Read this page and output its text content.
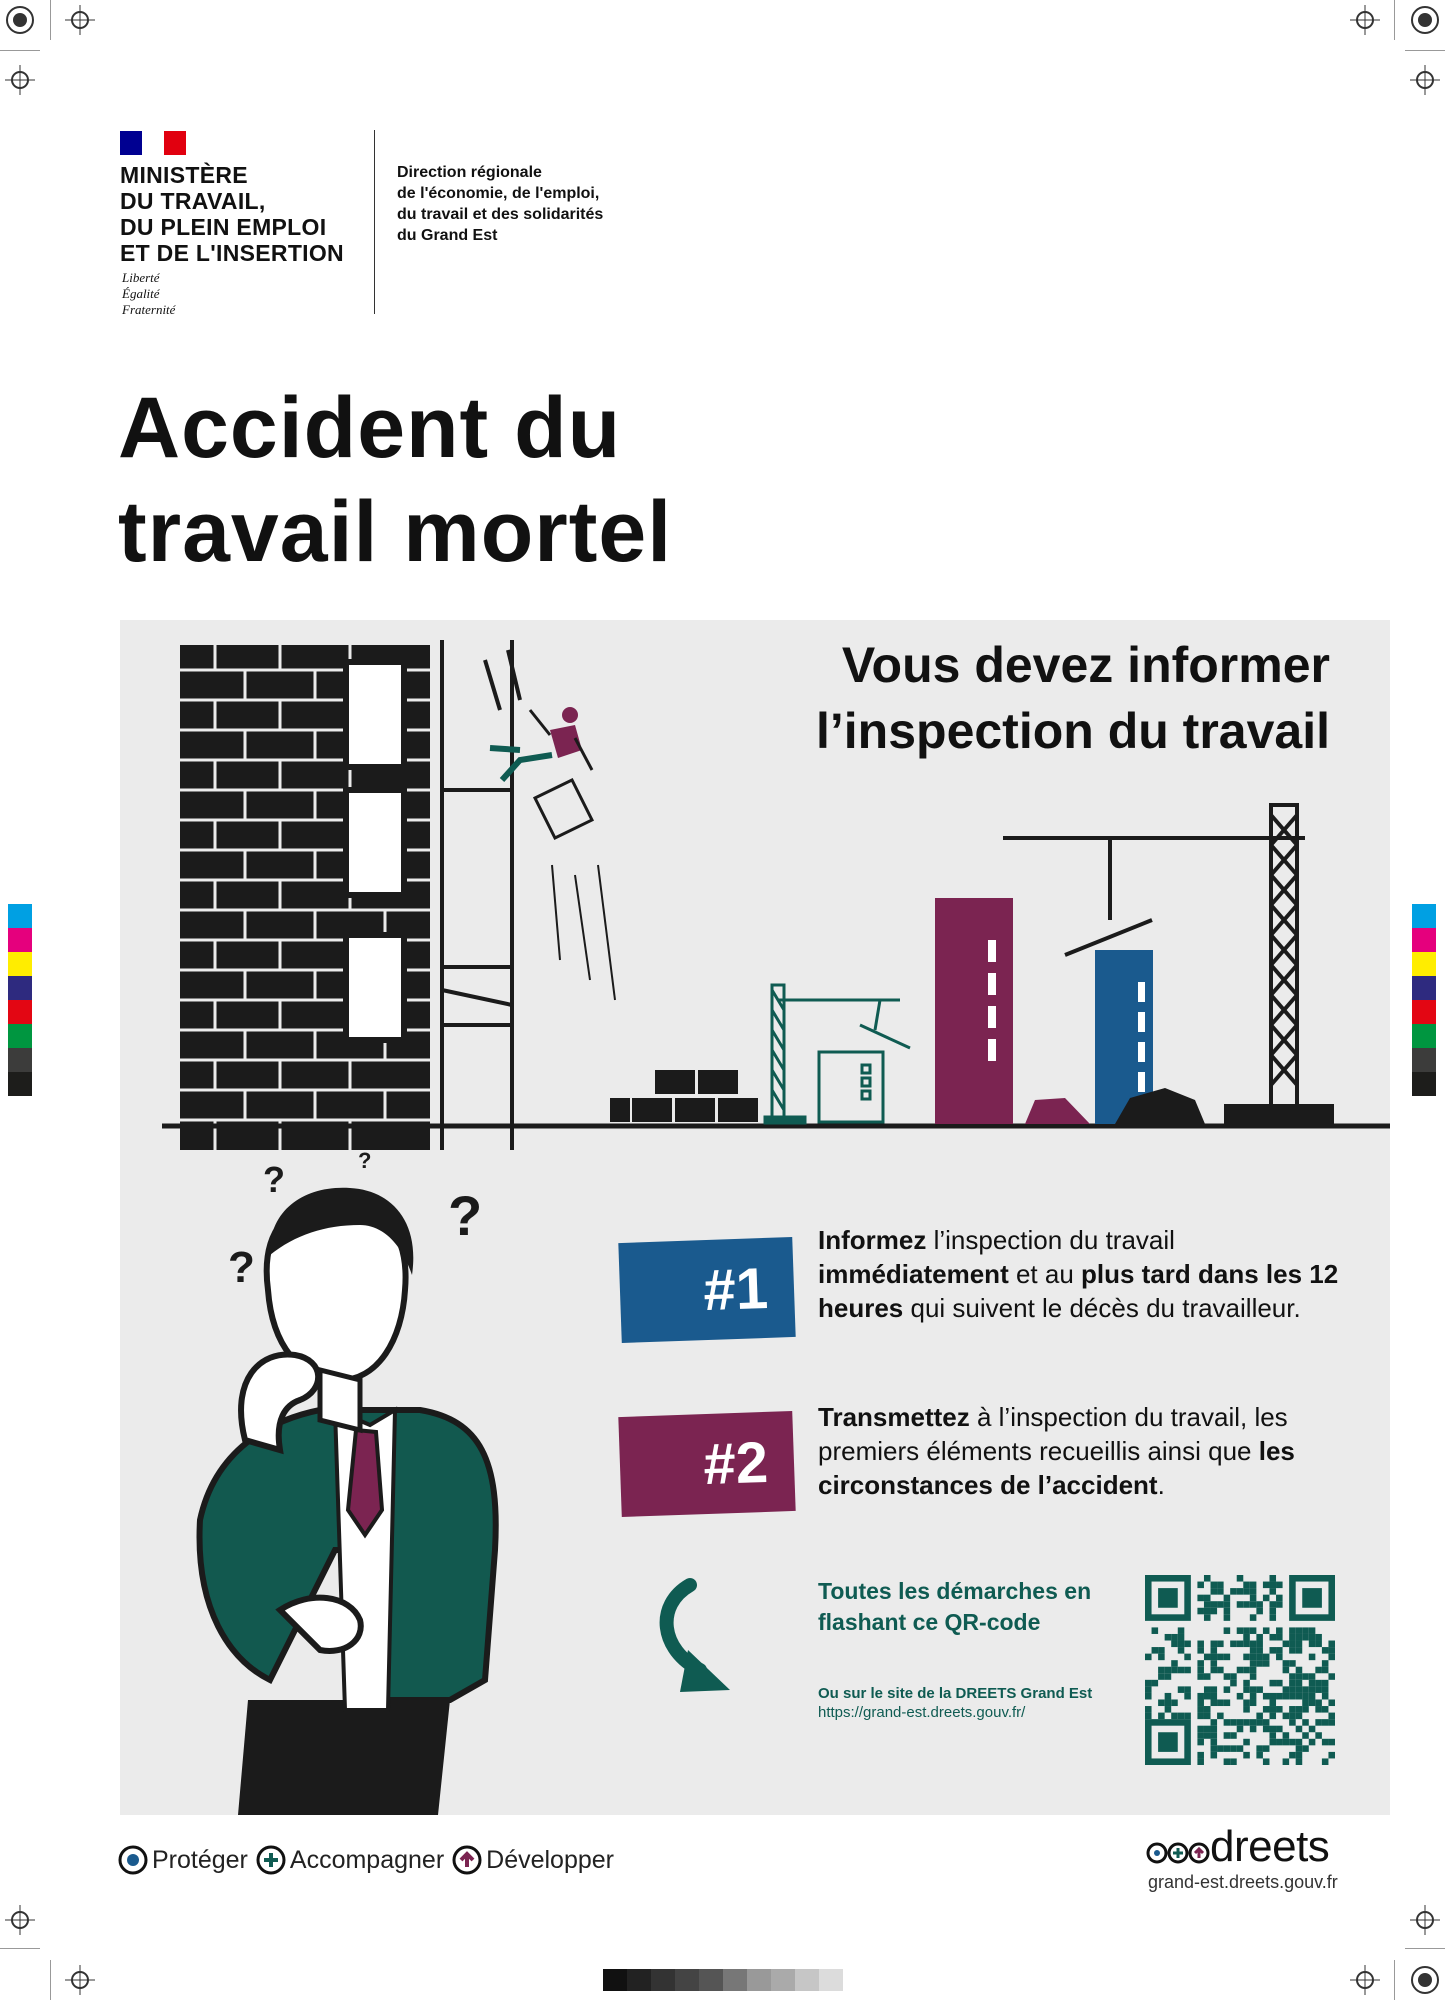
MINISTÈRE
DU TRAVAIL,
DU PLEIN EMPLOI
ET DE L'INSERTION
Liberté
Égalité
Fraternité
Direction régionale
de l'économie, de l'emploi,
du travail et des solidarités
du Grand Est
Accident du
travail mortel
?	?
?
?
Vous devez informer
l’inspection du travail
#1
Informez l’inspection du travail immédiatement et au plus tard dans les 12 heures qui suivent le décès du travailleur.
#2
Transmettez à l’inspection du travail, les premiers éléments recueillis ainsi que les circonstances de l’accident.
Toutes les démarches en flashant ce QR-code
Ou sur le site de la DREETS Grand Est
https://grand-est.dreets.gouv.fr/
Protéger Accompagner Développer	dreets
grand-est.dreets.gouv.fr
